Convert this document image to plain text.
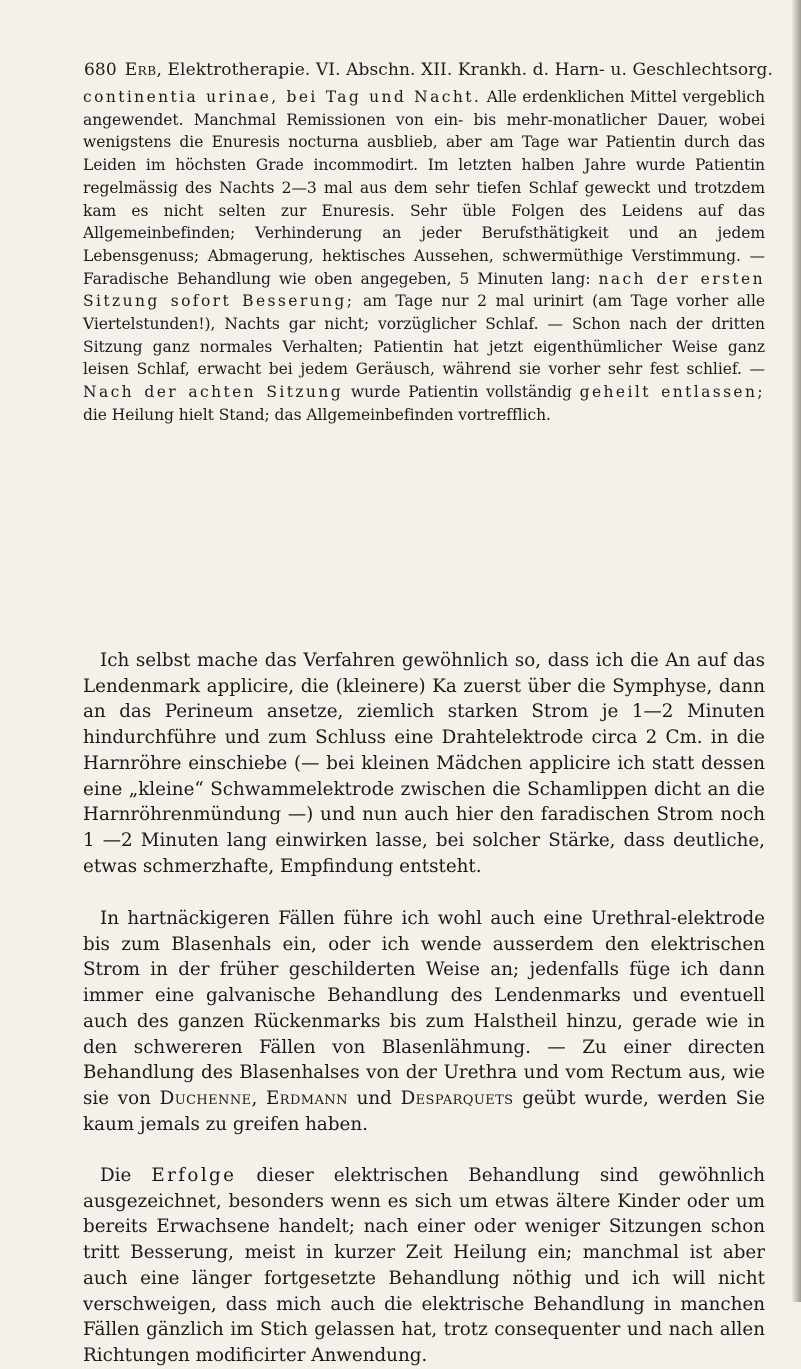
680 Erb, Elektrotherapie. VI. Abschn. XII. Krankh. d. Harn- u. Geschlechtsorg.

continentia urinae, bei Tag und Nacht. Alle erdenklichen Mittel vergeblich angewendet. Manchmal Remissionen von ein- bis mehr-monatlicher Dauer, wobei wenigstens die Enuresis nocturna ausblieb, aber am Tage war Patientin durch das Leiden im höchsten Grade incommodirt. Im letzten halben Jahre wurde Patientin regelmässig des Nachts 2—3 mal aus dem sehr tiefen Schlaf geweckt und trotzdem kam es nicht selten zur Enuresis. Sehr üble Folgen des Leidens auf das Allgemeinbefinden; Verhinderung an jeder Berufsthätigkeit und an jedem Lebensgenuss; Abmagerung, hektisches Aussehen, schwermüthige Verstimmung. — Faradische Behandlung wie oben angegeben, 5 Minuten lang: nach der ersten Sitzung sofort Besserung; am Tage nur 2 mal urinirt (am Tage vorher alle Viertelstunden!), Nachts gar nicht; vorzüglicher Schlaf. — Schon nach der dritten Sitzung ganz normales Verhalten; Patientin hat jetzt eigenthümlicher Weise ganz leisen Schlaf, erwacht bei jedem Geräusch, während sie vorher sehr fest schlief. — Nach der achten Sitzung wurde Patientin vollständig geheilt entlassen; die Heilung hielt Stand; das Allgemeinbefinden vortrefflich.

Ich selbst mache das Verfahren gewöhnlich so, dass ich die An auf das Lendenmark applicire, die (kleinere) Ka zuerst über die Symphyse, dann an das Perineum ansetze, ziemlich starken Strom je 1—2 Minuten hindurchführe und zum Schluss eine Drahtelektrode circa 2 Cm. in die Harnröhre einschiebe (— bei kleinen Mädchen applicire ich statt dessen eine „kleine“ Schwammelektrode zwischen die Schamlippen dicht an die Harnröhrenmündung —) und nun auch hier den faradischen Strom noch 1 —2 Minuten lang einwirken lasse, bei solcher Stärke, dass deutliche, etwas schmerzhafte, Empfindung entsteht.

In hartnäckigeren Fällen führe ich wohl auch eine Urethral-elektrode bis zum Blasenhals ein, oder ich wende ausserdem den elektrischen Strom in der früher geschilderten Weise an; jedenfalls füge ich dann immer eine galvanische Behandlung des Lendenmarks und eventuell auch des ganzen Rückenmarks bis zum Halstheil hinzu, gerade wie in den schwereren Fällen von Blasenlähmung. — Zu einer directen Behandlung des Blasenhalses von der Urethra und vom Rectum aus, wie sie von Duchenne, Erdmann und Desparquets geübt wurde, werden Sie kaum jemals zu greifen haben.

Die Erfolge dieser elektrischen Behandlung sind gewöhnlich ausgezeichnet, besonders wenn es sich um etwas ältere Kinder oder um bereits Erwachsene handelt; nach einer oder weniger Sitzungen schon tritt Besserung, meist in kurzer Zeit Heilung ein; manchmal ist aber auch eine länger fortgesetzte Behandlung nöthig und ich will nicht verschweigen, dass mich auch die elektrische Behandlung in manchen Fällen gänzlich im Stich gelassen hat, trotz consequenter und nach allen Richtungen modificirter Anwendung.
